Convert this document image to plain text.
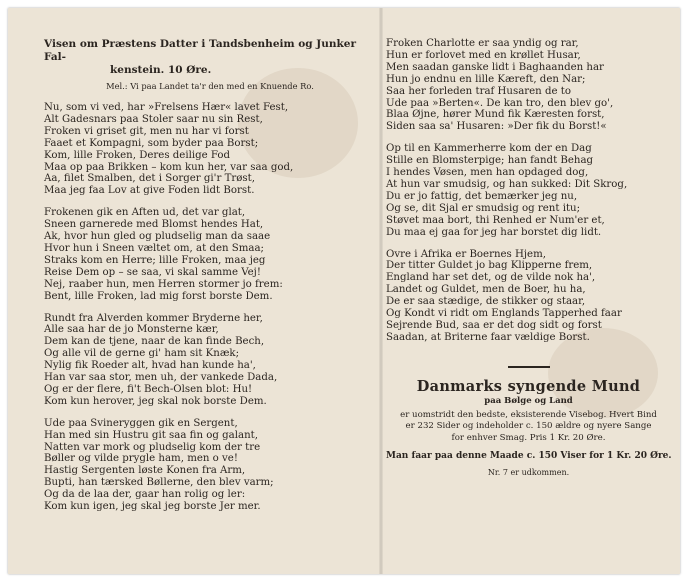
Visen om Præstens Datter i Tandsbenheim og Junker Fal-
kenstein. 10 Øre.
Mel.: Vi paa Landet ta'r den med en Knuende Ro.
Nu, som vi ved, har »Frelsens Hær« lavet Fest,
Alt Gadesnars paa Stoler saar nu sin Rest,
Froken vi griset git, men nu har vi forst
Faaet et Kompagni, som byder paa Borst;
Kom, lille Froken, Deres deilige Fod
Maa op paa Brikken – kom kun her, var saa god,
Aa, filet Smalben, det i Sorger gi'r Trøst,
Maa jeg faa Lov at give Foden lidt Borst.
Frokenen gik en Aften ud, det var glat,
Sneen garnerede med Blomst hendes Hat,
Ak, hvor hun gled og pludselig man da saae
Hvor hun i Sneen væltet om, at den Smaa;
Straks kom en Herre; lille Froken, maa jeg
Reise Dem op – se saa, vi skal samme Vej!
Nej, raaber hun, men Herren stormer jo frem:
Bent, lille Froken, lad mig forst borste Dem.
Rundt fra Alverden kommer Bryderne her,
Alle saa har de jo Monsterne kær,
Dem kan de tjene, naar de kan finde Bech,
Og alle vil de gerne gi' ham sit Knæk;
Nylig fik Roeder alt, hvad han kunde ha',
Han var saa stor, men uh, der vankede Dada,
Og er der flere, fi't Bech-Olsen blot: Hu!
Kom kun herover, jeg skal nok borste Dem.
Ude paa Svineryggen gik en Sergent,
Han med sin Hustru git saa fin og galant,
Natten var mork og pludselig kom der tre
Bøller og vilde prygle ham, men o ve!
Hastig Sergenten løste Konen fra Arm,
Bupti, han tærsked Bøllerne, den blev varm;
Og da de laa der, gaar han rolig og ler:
Kom kun igen, jeg skal jeg borste Jer mer.
Froken Charlotte er saa yndig og rar,
Hun er forlovet med en krøllet Husar,
Men saadan ganske lidt i Baghaanden har
Hun jo endnu en lille Kæreft, den Nar;
Saa her forleden traf Husaren de to
Ude paa »Berten«. De kan tro, den blev go',
Blaa Øjne, hører Mund fik Kæresten forst,
Siden saa sa' Husaren: »Der fik du Borst!«
Op til en Kammerherre kom der en Dag
Stille en Blomsterpige; han fandt Behag
I hendes Vøsen, men han opdaged dog,
At hun var smudsig, og han sukked: Dit Skrog,
Du er jo fattig, det bemærker jeg nu,
Og se, dit Sjal er smudsig og rent itu;
Støvet maa bort, thi Renhed er Num'er et,
Du maa ej gaa for jeg har borstet dig lidt.
Ovre i Afrika er Boernes Hjem,
Der titter Guldet jo bag Klipperne frem,
England har set det, og de vilde nok ha',
Landet og Guldet, men de Boer, hu ha,
De er saa stædige, de stikker og staar,
Og Kondt vi ridt om Englands Tapperhed faar
Sejrende Bud, saa er det dog sidt og forst
Saadan, at Briterne faar vældige Borst.
Danmarks syngende Mund
paa Bølge og Land
er uomstridt den bedste, eksisterende Visebog. Hvert Bind
er 232 Sider og indeholder c. 150 ældre og nyere Sange
for enhver Smag. Pris 1 Kr. 20 Øre.
Man faar paa denne Maade c. 150 Viser for 1 Kr. 20 Øre.
Nr. 7 er udkommen.
